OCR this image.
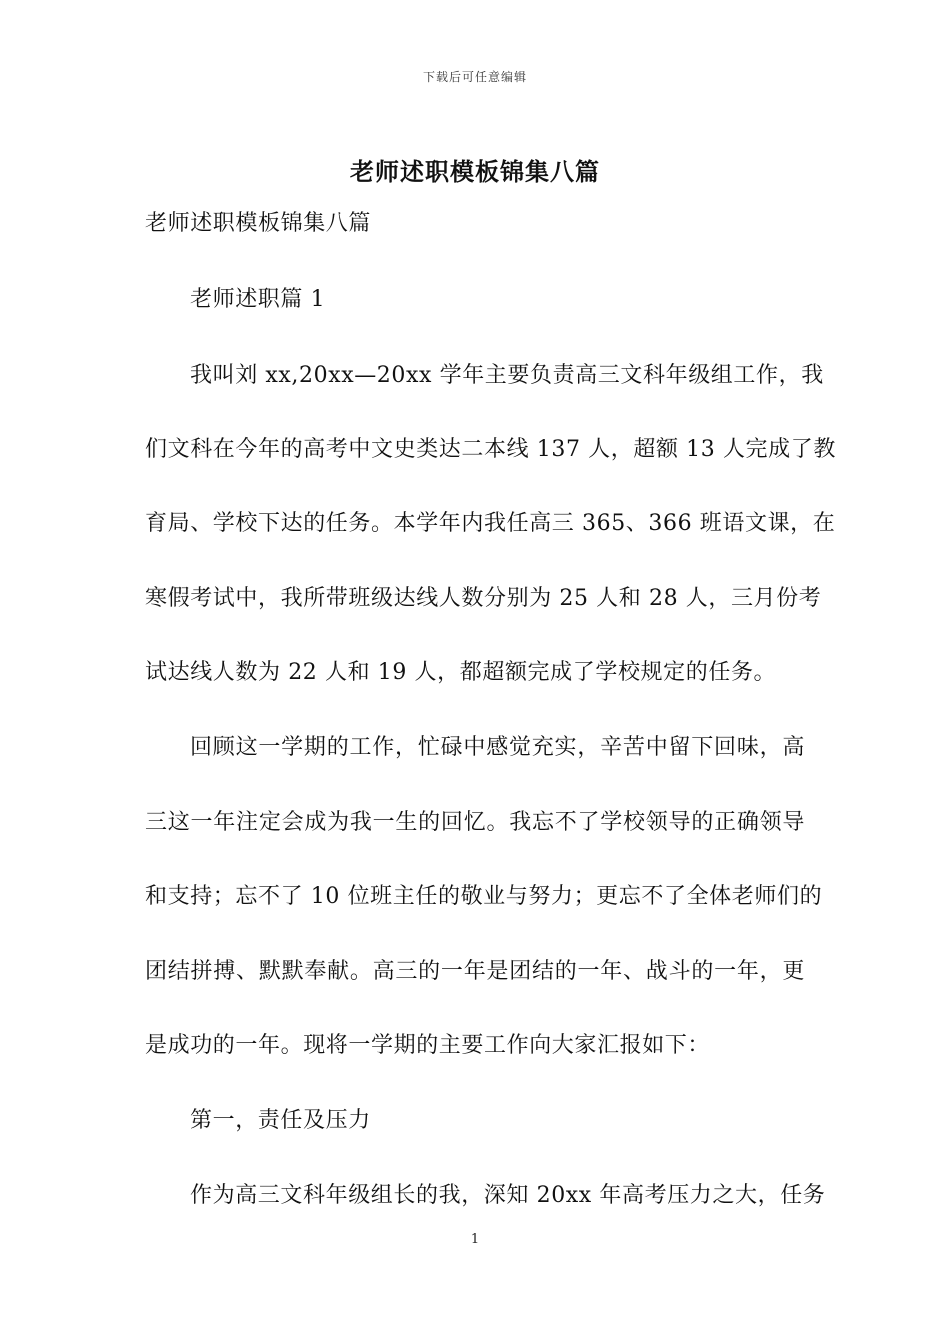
下载后可任意编辑
老师述职模板锦集八篇
老师述职模板锦集八篇
老师述职篇 1
我叫刘 xx,20xx—20xx 学年主要负责高三文科年级组工作，我
们文科在今年的高考中文史类达二本线 137 人，超额 13 人完成了教
育局、学校下达的任务。本学年内我任高三 365、366 班语文课，在
寒假考试中，我所带班级达线人数分别为 25 人和 28 人，三月份考
试达线人数为 22 人和 19 人，都超额完成了学校规定的任务。
回顾这一学期的工作，忙碌中感觉充实，辛苦中留下回味，高
三这一年注定会成为我一生的回忆。我忘不了学校领导的正确领导
和支持；忘不了 10 位班主任的敬业与努力；更忘不了全体老师们的
团结拼搏、默默奉献。高三的一年是团结的一年、战斗的一年，更
是成功的一年。现将一学期的主要工作向大家汇报如下：
第一，责任及压力
作为高三文科年级组长的我，深知 20xx 年高考压力之大，任务
1
